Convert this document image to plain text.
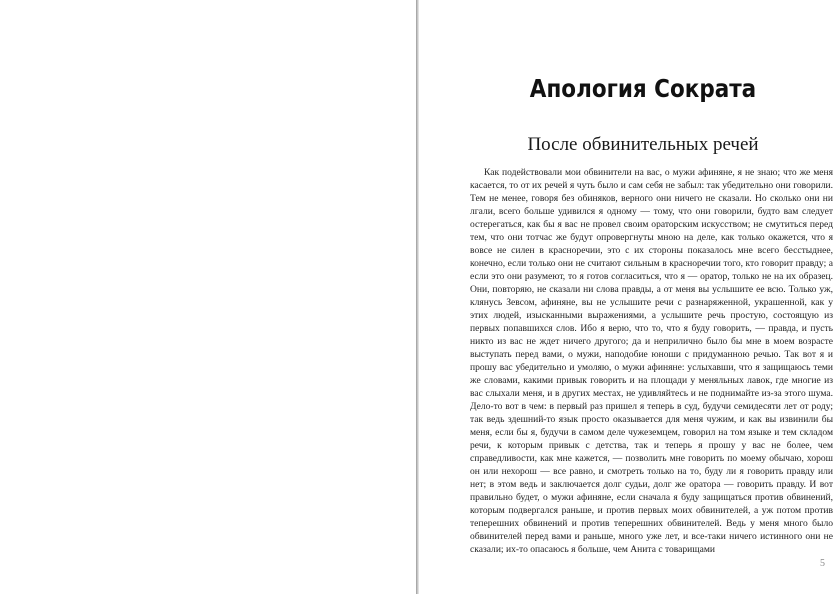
Апология Сократа
После обвинительных речей

Как подействовали мои обвинители на вас, о мужи афиняне, я не знаю; что же меня касается, то от их речей я чуть было и сам себя не забыл: так убедительно они говорили. Тем не менее, говоря без обиняков, верного они ничего не сказали. Но сколько они ни лгали, всего больше удивился я одному — тому, что они говорили, будто вам следует остерегаться, как бы я вас не провел своим ораторским искусством; не смутиться перед тем, что они тотчас же будут опровергнуты мною на деле, как только окажется, что я вовсе не силен в красноречии, это с их стороны показалось мне всего бесстыднее, конечно, если только они не считают сильным в красноречии того, кто говорит правду; а если это они разумеют, то я готов согласиться, что я — оратор, только не на их образец. Они, повторяю, не сказали ни слова правды, а от меня вы услышите ее всю. Только уж, клянусь Зевсом, афиняне, вы не услышите речи с разнаряженной, украшенной, как у этих людей, изысканными выражениями, а услышите речь простую, состоящую из первых попавшихся слов. Ибо я верю, что то, что я буду говорить, — правда, и пусть никто из вас не ждет ничего другого; да и неприлично было бы мне в моем возрасте выступать перед вами, о мужи, наподобие юноши с придуманною речью. Так вот я и прошу вас убедительно и умоляю, о мужи афиняне: услыхавши, что я защищаюсь теми же словами, какими привык говорить и на площади у меняльных лавок, где многие из вас слыхали меня, и в других местах, не удивляйтесь и не поднимайте из-за этого шума. Дело-то вот в чем: в первый раз пришел я теперь в суд, будучи семидесяти лет от роду; так ведь здешний-то язык просто оказывается для меня чужим, и как вы извинили бы меня, если бы я, будучи в самом деле чужеземцем, говорил на том языке и тем складом речи, к которым привык с детства, так и теперь я прошу у вас не более, чем справедливости, как мне кажется, — позволить мне говорить по моему обычаю, хорош он или нехорош — все равно, и смотреть только на то, буду ли я говорить правду или нет; в этом ведь и заключается долг судьи, долг же оратора — говорить правду. И вот правильно будет, о мужи афиняне, если сначала я буду защищаться против обвинений, которым подвергался раньше, и против первых моих обвинителей, а уж потом против теперешних обвинений и против теперешних обвинителей. Ведь у меня много было обвинителей перед вами и раньше, много уже лет, и все-таки ничего истинного они не сказали; их-то опасаюсь я больше, чем Анита с товарищами

5
